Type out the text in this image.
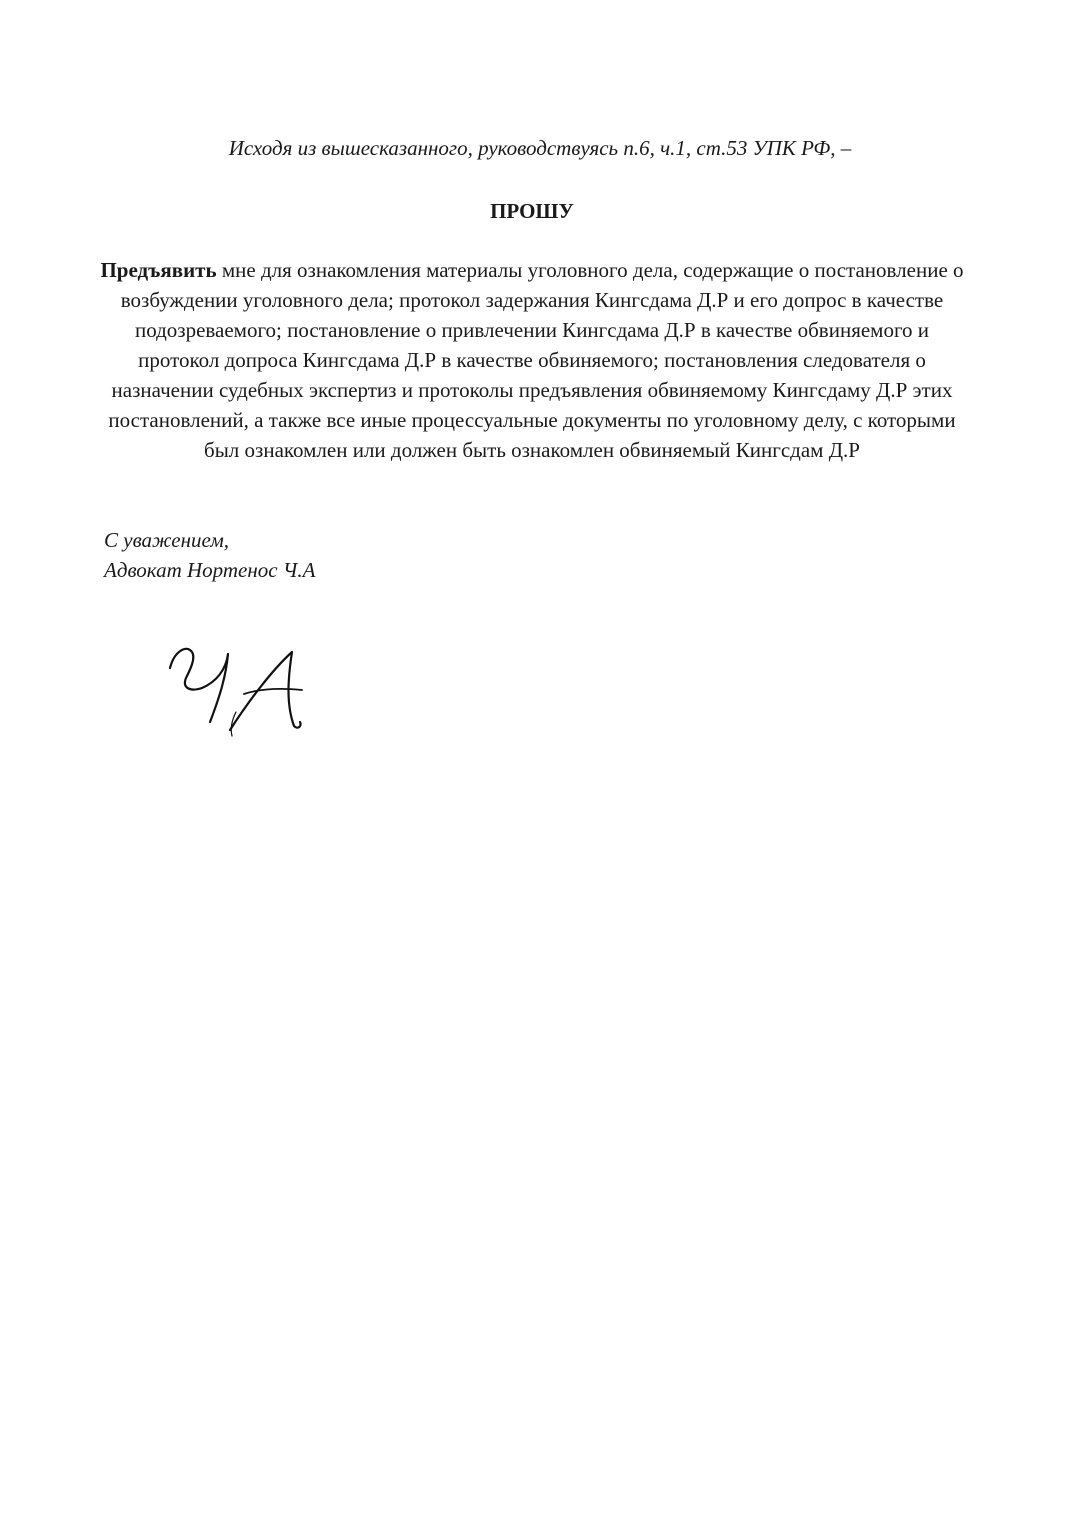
Исходя из вышесказанного, руководствуясь п.6, ч.1, ст.53 УПК РФ, –
ПРОШУ

Предъявить мне для ознакомления материалы уголовного дела, содержащие о постановление о возбуждении уголовного дела; протокол задержания Кингсдама Д.Р и его допрос в качестве подозреваемого; постановление о привлечении Кингсдама Д.Р в качестве обвиняемого и протокол допроса Кингсдама Д.Р в качестве обвиняемого; постановления следователя о назначении судебных экспертиз и протоколы предъявления обвиняемому Кингсдаму Д.Р этих постановлений, а также все иные процессуальные документы по уголовному делу, с которыми был ознакомлен или должен быть ознакомлен обвиняемый Кингсдам Д.Р

С уважением,
Адвокат Нортенос Ч.А
